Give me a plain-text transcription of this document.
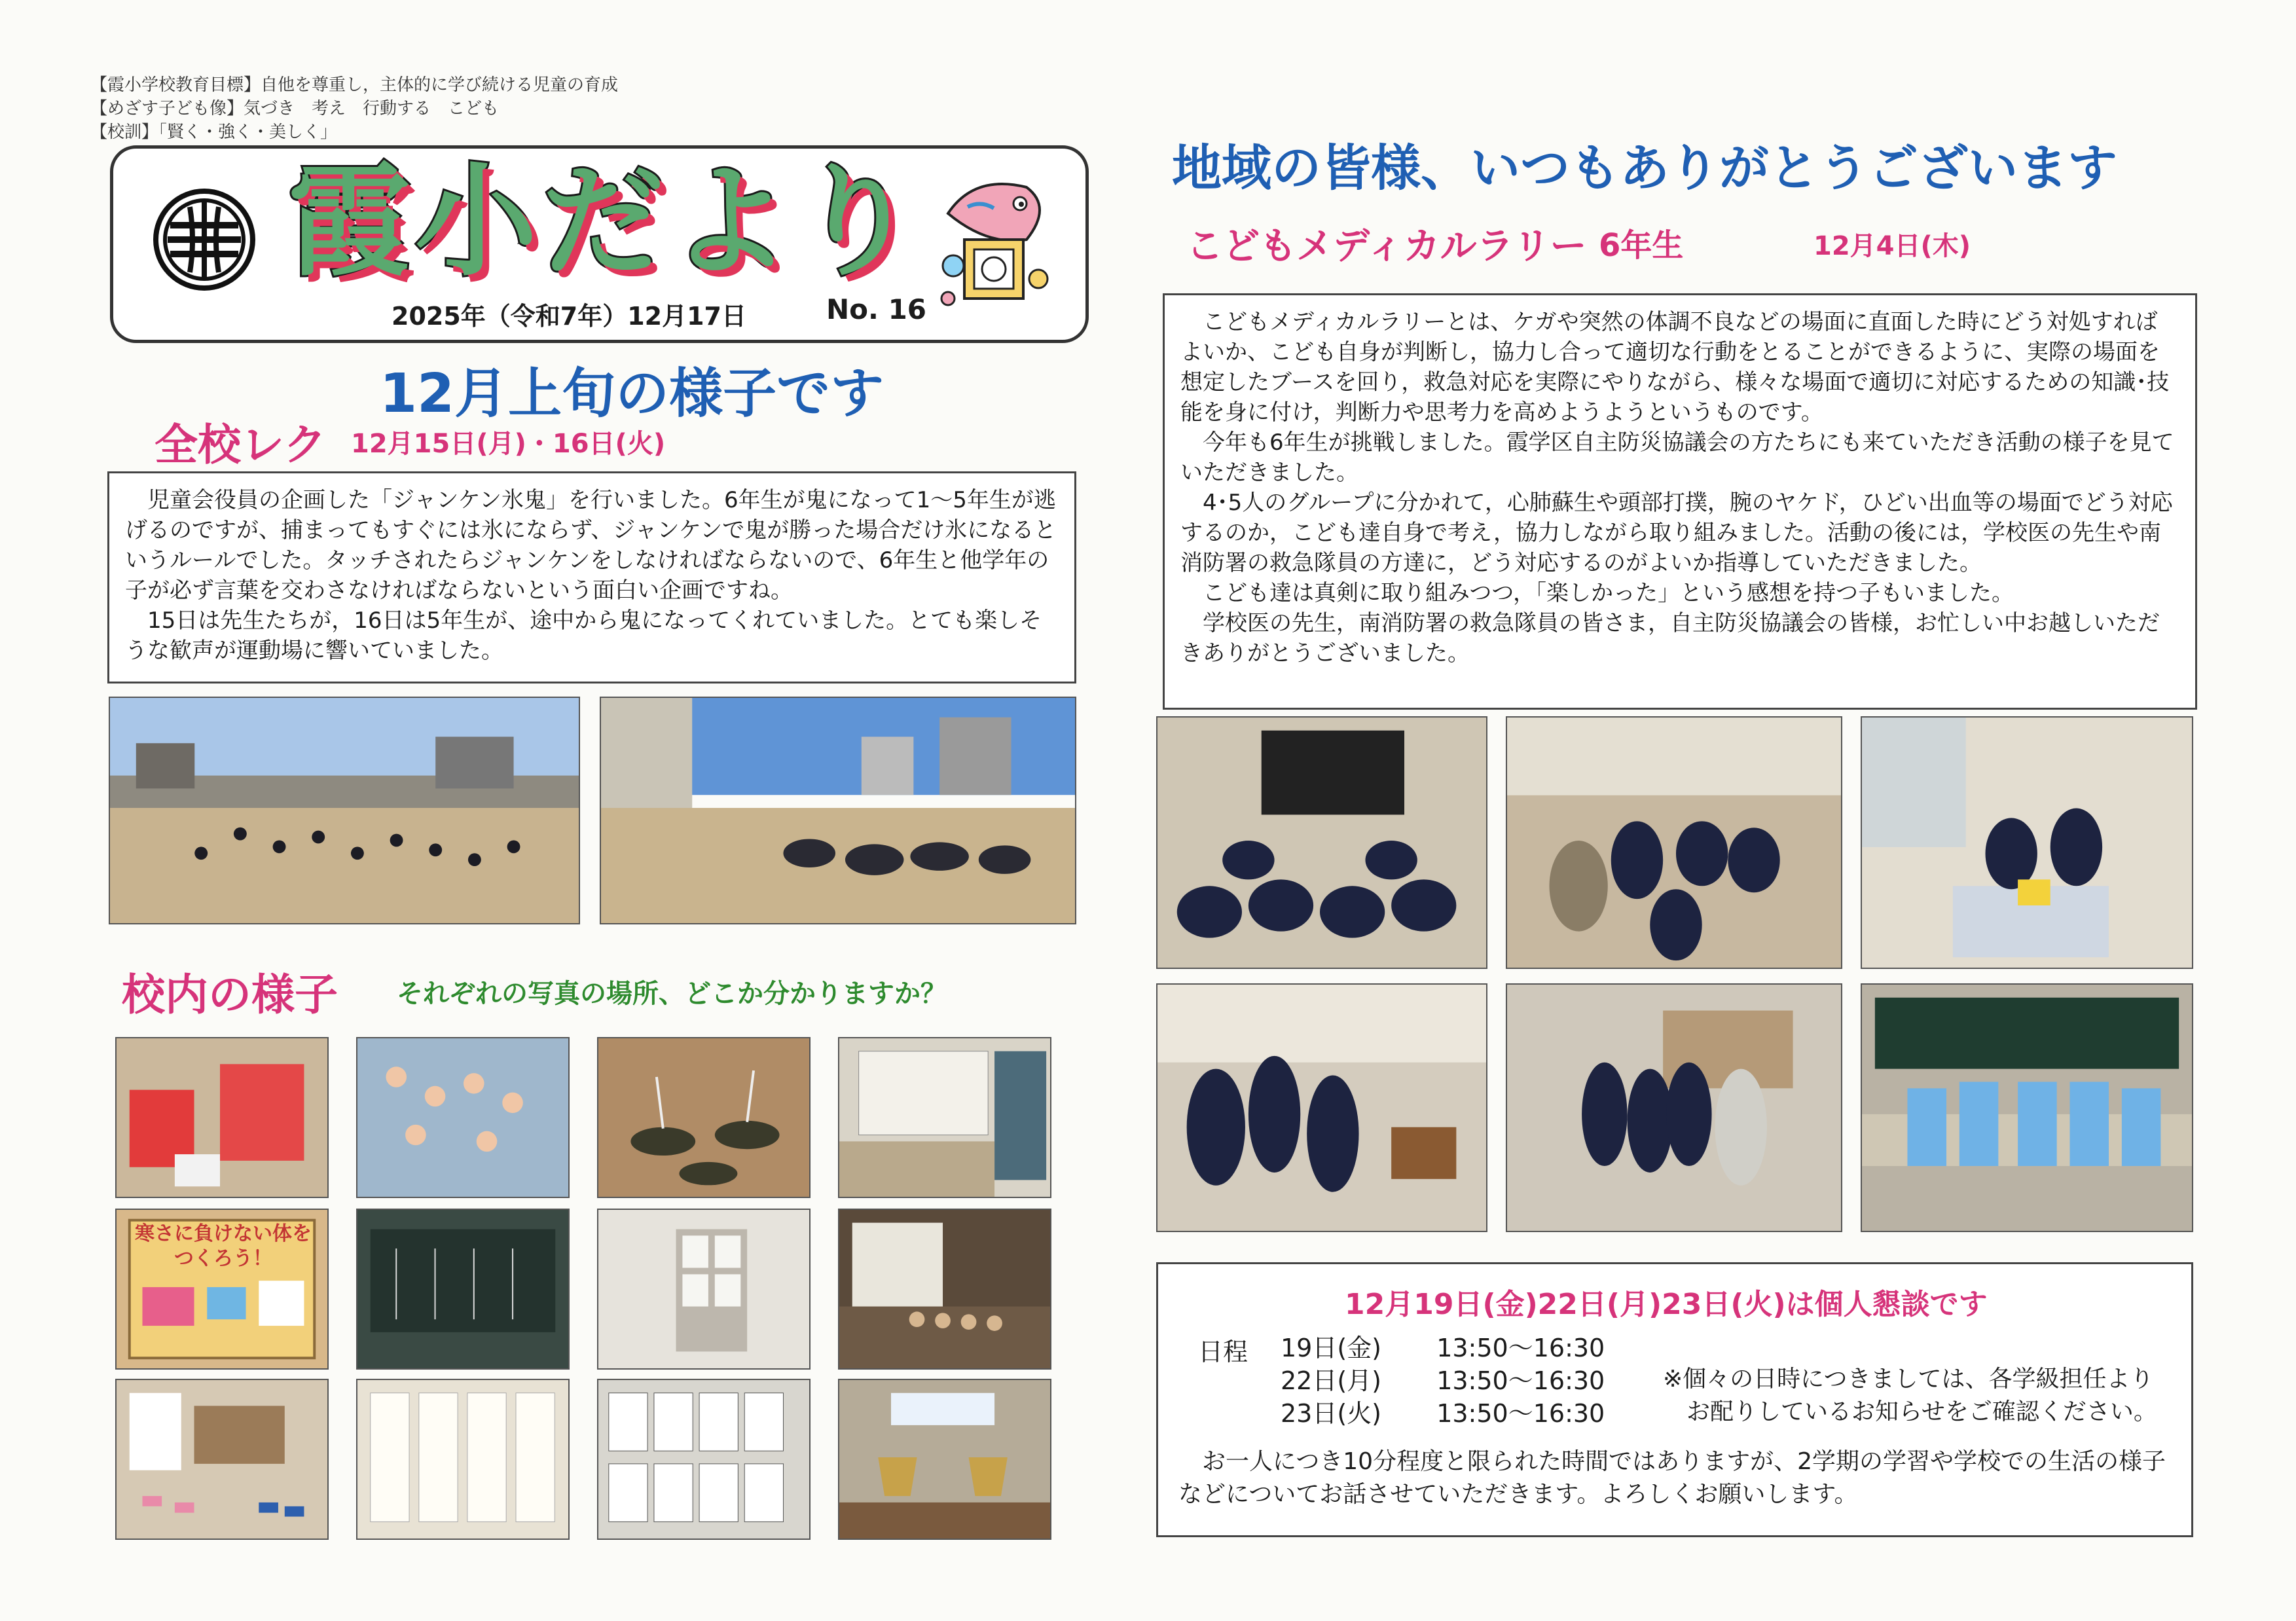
【霞小学校教育目標】自他を尊重し，主体的に学び続ける児童の育成
【めざす子ども像】気づき　考え　行動する　こども
【校訓】「賢く・強く・美しく」
霞小だより
2025年（令和7年）12月17日	No. 16
12月上旬の様子です
全校レク 12月15日(月)・16日(火)

児童会役員の企画した「ジャンケン氷鬼」を行いました。6年生が鬼になって1～5年生が逃げるのですが、捕まってもすぐには氷にならず、ジャンケンで鬼が勝った場合だけ氷になるというルールでした。タッチされたらジャンケンをしなければならないので、6年生と他学年の子が必ず言葉を交わさなければならないという面白い企画ですね。

15日は先生たちが，16日は5年生が、途中から鬼になってくれていました。とても楽しそうな歓声が運動場に響いていました。

校内の様子 それぞれの写真の場所、どこか分かりますか？
寒さに負けない体をつくろう！
地域の皆様、いつもありがとうございます
こどもメディカルラリー 6年生	12月4日(木)

こどもメディカルラリーとは、ケガや突然の体調不良などの場面に直面した時にどう対処すればよいか、こども自身が判断し，協力し合って適切な行動をとることができるように、実際の場面を想定したブースを回り，救急対応を実際にやりながら、様々な場面で適切に対応するための知識･技能を身に付け，判断力や思考力を高めようようというものです。

今年も6年生が挑戦しました。霞学区自主防災協議会の方たちにも来ていただき活動の様子を見ていただきました。

4･5人のグループに分かれて，心肺蘇生や頭部打撲，腕のヤケド，ひどい出血等の場面でどう対応するのか，こども達自身で考え，協力しながら取り組みました。活動の後には，学校医の先生や南消防署の救急隊員の方達に，どう対応するのがよいか指導していただきました。

こども達は真剣に取り組みつつ，「楽しかった」という感想を持つ子もいました。

学校医の先生，南消防署の救急隊員の皆さま，自主防災協議会の皆様，お忙しい中お越しいただきありがとうございました。

12月19日(金)22日(月)23日(火)は個人懇談です
日程 19日(金) 13:50～16:30
22日(月) 13:50～16:30
23日(火) 13:50～16:30
※個々の日時につきましては、各学級担任より
お配りしているお知らせをご確認ください。
お一人につき10分程度と限られた時間ではありますが、2学期の学習や学校での生活の様子などについてお話させていただきます。よろしくお願いします。
